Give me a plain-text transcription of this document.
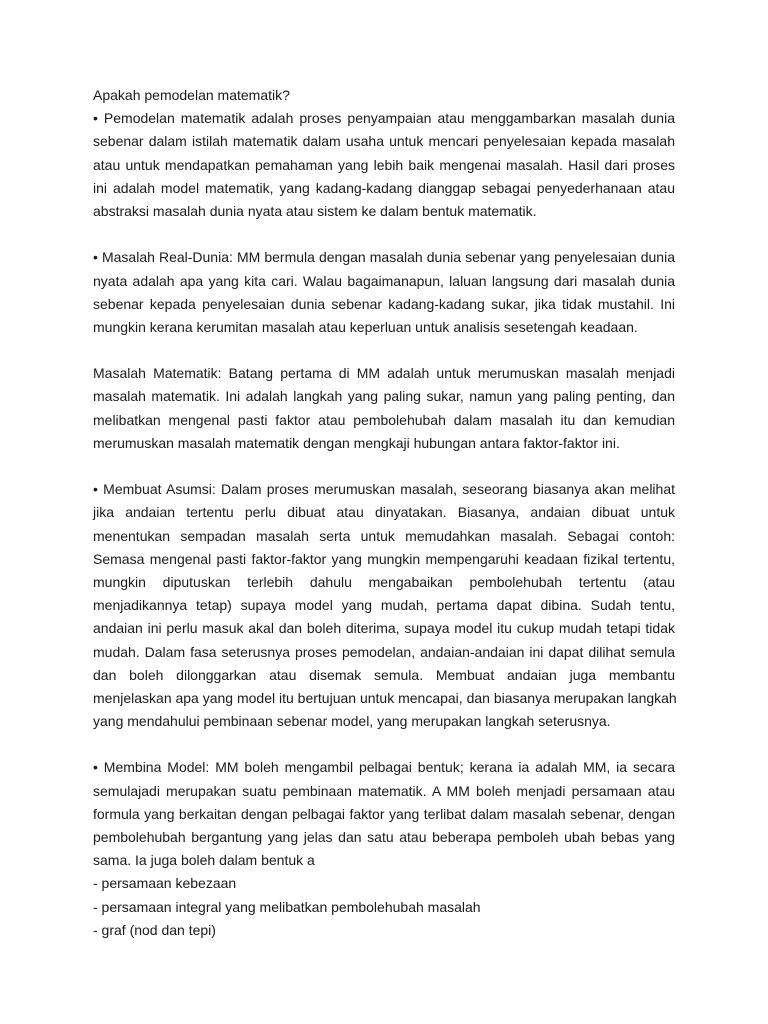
Apakah pemodelan matematik?
• Pemodelan matematik adalah proses penyampaian atau menggambarkan masalah dunia
sebenar dalam istilah matematik dalam usaha untuk mencari penyelesaian kepada masalah
atau untuk mendapatkan pemahaman yang lebih baik mengenai masalah. Hasil dari proses
ini adalah model matematik, yang kadang-kadang dianggap sebagai penyederhanaan atau
abstraksi masalah dunia nyata atau sistem ke dalam bentuk matematik.
• Masalah Real-Dunia: MM bermula dengan masalah dunia sebenar yang penyelesaian dunia
nyata adalah apa yang kita cari. Walau bagaimanapun, laluan langsung dari masalah dunia
sebenar kepada penyelesaian dunia sebenar kadang-kadang sukar, jika tidak mustahil. Ini
mungkin kerana kerumitan masalah atau keperluan untuk analisis sesetengah keadaan.
Masalah Matematik: Batang pertama di MM adalah untuk merumuskan masalah menjadi
masalah matematik. Ini adalah langkah yang paling sukar, namun yang paling penting, dan
melibatkan mengenal pasti faktor atau pembolehubah dalam masalah itu dan kemudian
merumuskan masalah matematik dengan mengkaji hubungan antara faktor-faktor ini.
• Membuat Asumsi: Dalam proses merumuskan masalah, seseorang biasanya akan melihat
jika andaian tertentu perlu dibuat atau dinyatakan. Biasanya, andaian dibuat untuk
menentukan sempadan masalah serta untuk memudahkan masalah. Sebagai contoh:
Semasa mengenal pasti faktor-faktor yang mungkin mempengaruhi keadaan fizikal tertentu,
mungkin diputuskan terlebih dahulu mengabaikan pembolehubah tertentu (atau
menjadikannya tetap) supaya model yang mudah, pertama dapat dibina. Sudah tentu,
andaian ini perlu masuk akal dan boleh diterima, supaya model itu cukup mudah tetapi tidak
mudah. Dalam fasa seterusnya proses pemodelan, andaian-andaian ini dapat dilihat semula
dan boleh dilonggarkan atau disemak semula. Membuat andaian juga membantu
menjelaskan apa yang model itu bertujuan untuk mencapai, dan biasanya merupakan langkah
yang mendahului pembinaan sebenar model, yang merupakan langkah seterusnya.
• Membina Model: MM boleh mengambil pelbagai bentuk; kerana ia adalah MM, ia secara
semulajadi merupakan suatu pembinaan matematik. A MM boleh menjadi persamaan atau
formula yang berkaitan dengan pelbagai faktor yang terlibat dalam masalah sebenar, dengan
pembolehubah bergantung yang jelas dan satu atau beberapa pemboleh ubah bebas yang
sama. Ia juga boleh dalam bentuk a
- persamaan kebezaan
- persamaan integral yang melibatkan pembolehubah masalah
- graf (nod dan tepi)
